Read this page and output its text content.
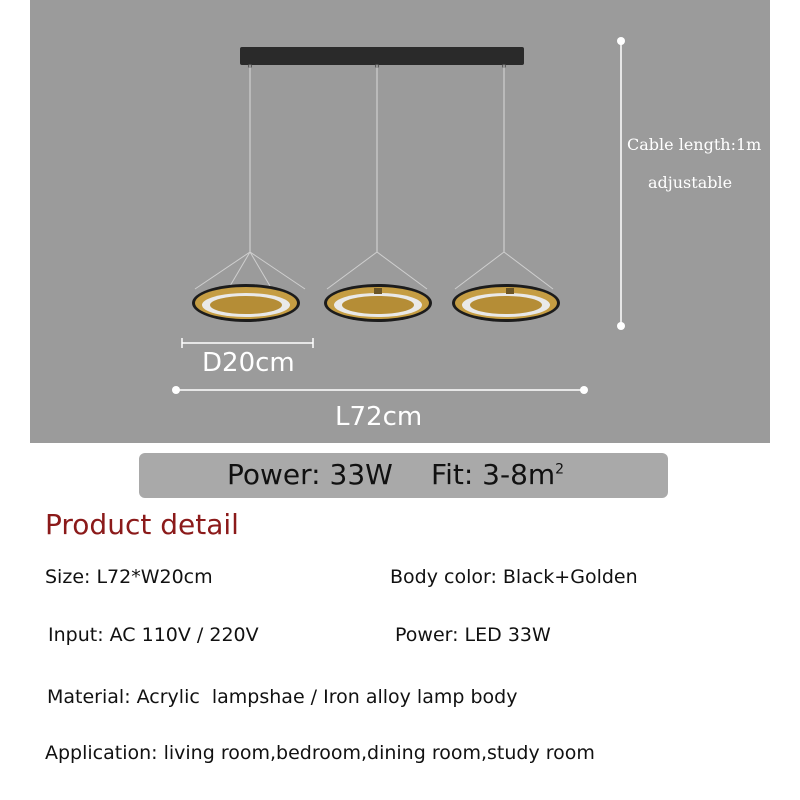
D20cm
L72cm
Cable length:1m
adjustable
Power: 33W Fit: $3-8m^2$
Product detail
Size: L72*W20cm	Body color: Black+Golden
Input: AC 110V / 220V	Power: LED 33W
Material: Acrylic  lampshae / Iron alloy lamp body
Application: living room,bedroom,dining room,study room
